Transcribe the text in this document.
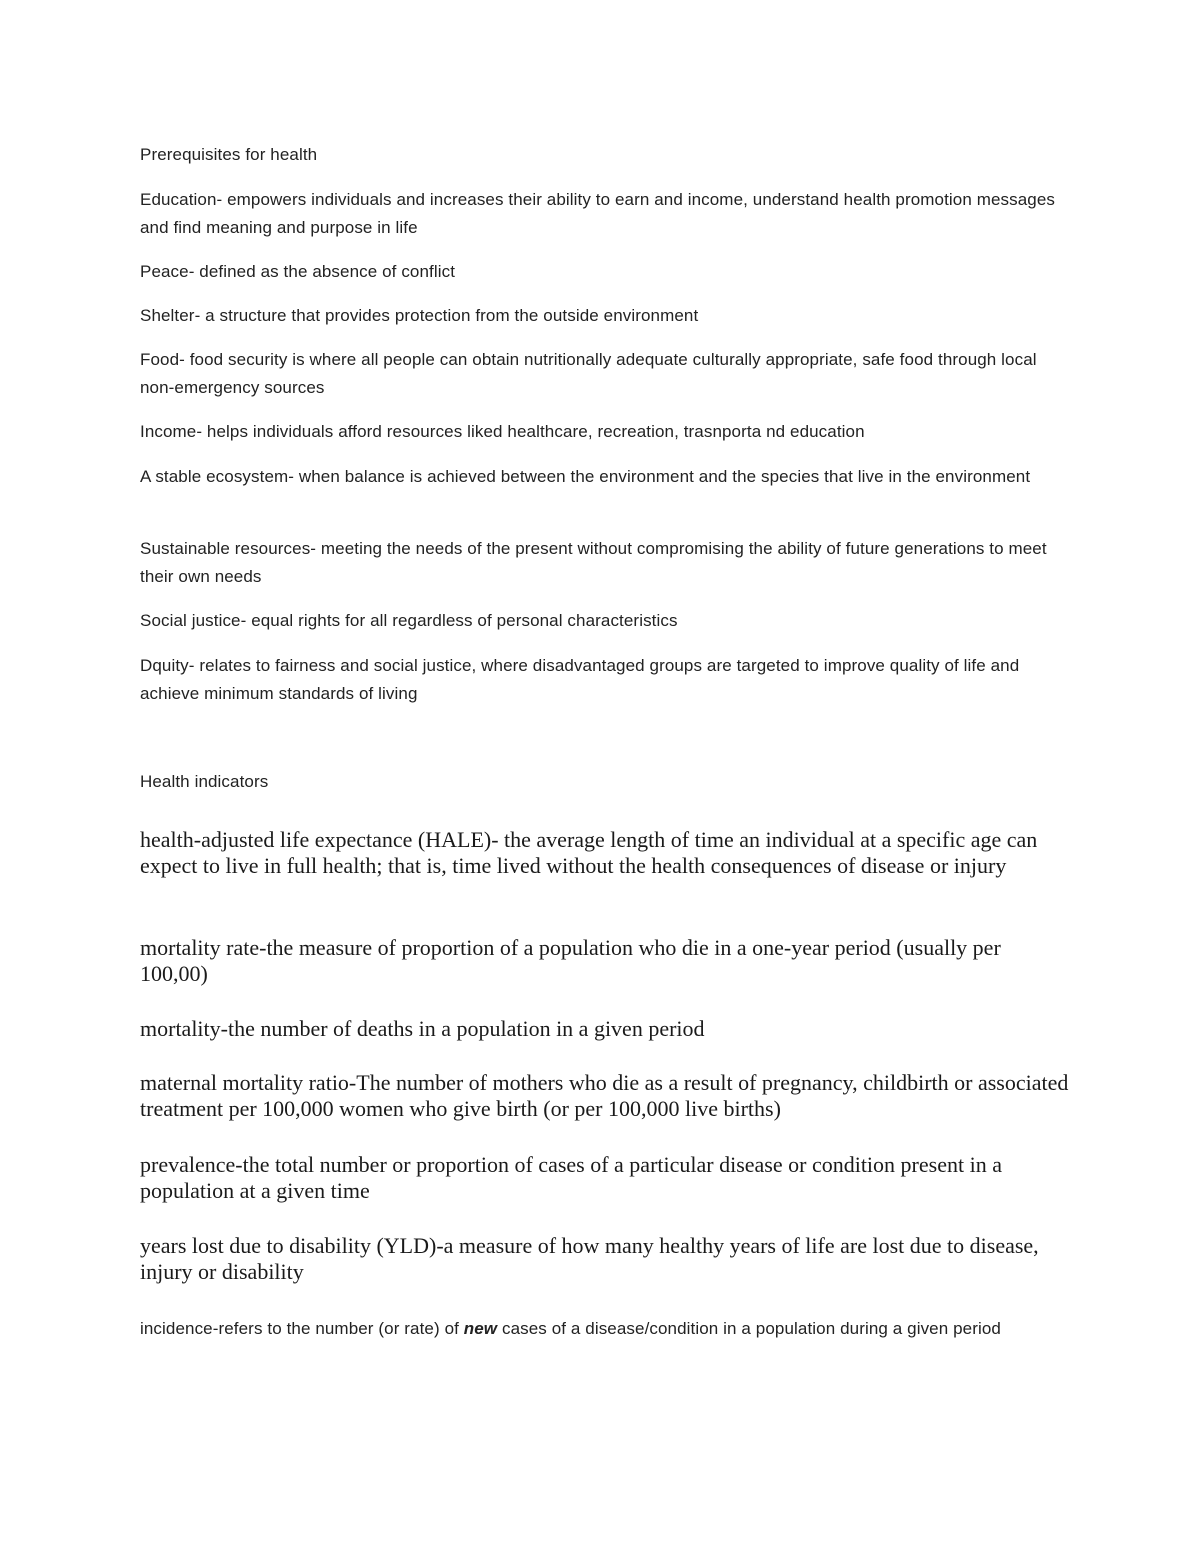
Prerequisites for health

Education- empowers individuals and increases their ability to earn and income, understand health promotion messages and find meaning and purpose in life

Peace- defined as the absence of conflict

Shelter- a structure that provides protection from the outside environment

Food- food security is where all people can obtain nutritionally adequate culturally appropriate, safe food through local non-emergency sources

Income- helps individuals afford resources liked healthcare, recreation, trasnporta nd education

A stable ecosystem- when balance is achieved between the environment and the species that live in the environment

Sustainable resources- meeting the needs of the present without compromising the ability of future generations to meet their own needs

Social justice- equal rights for all regardless of personal characteristics

Dquity- relates to fairness and social justice, where disadvantaged groups are targeted to improve quality of life and achieve minimum standards of living

Health indicators

health-adjusted life expectance (HALE)- the average length of time an individual at a specific age can expect to live in full health; that is, time lived without the health consequences of disease or injury

mortality rate-the measure of proportion of a population who die in a one-year period (usually per 100,00)

mortality-the number of deaths in a population in a given period

maternal mortality ratio-The number of mothers who die as a result of pregnancy, childbirth or associated treatment per 100,000 women who give birth (or per 100,000 live births)

prevalence-the total number or proportion of cases of a particular disease or condition present in a population at a given time

years lost due to disability (YLD)-a measure of how many healthy years of life are lost due to disease, injury or disability

incidence-refers to the number (or rate) of new cases of a disease/condition in a population during a given period
